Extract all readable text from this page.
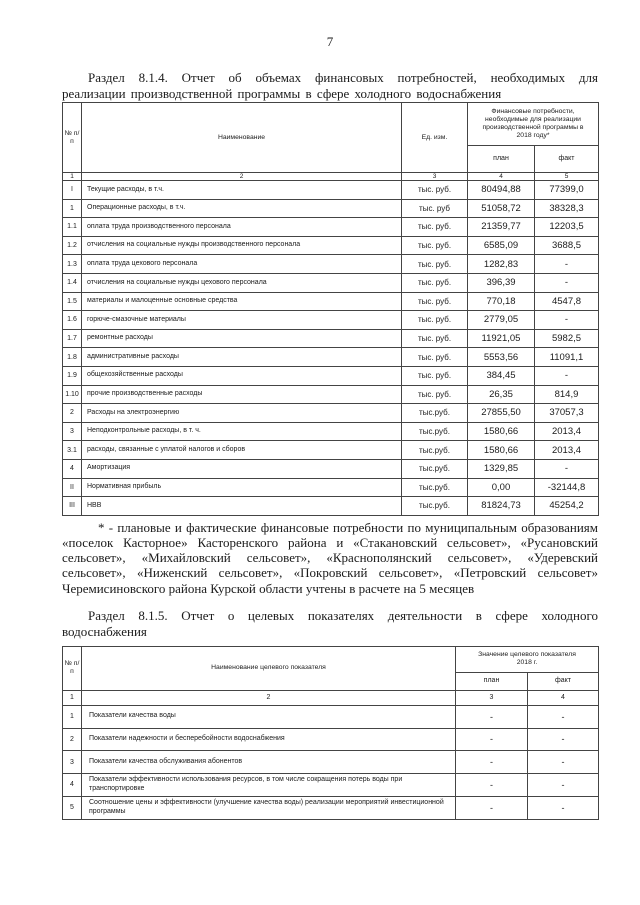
7

Раздел 8.1.4. Отчет об объемах финансовых потребностей, необходимых для реализации производственной программы в сфере холодного водоснабжения

№ п/п	Наименование	Ед. изм.	Финансовые потребности, необходимые для реализации производственной программы в 2018 году*	
			план	факт
1	2	3	4	5
I	Текущие расходы, в т.ч.	тыс. руб.	80494,88	77399,0
1	Операционные расходы, в т.ч.	тыс. руб	51058,72	38328,3
1.1	оплата труда производственного персонала	тыс. руб.	21359,77	12203,5
1.2	отчисления на социальные нужды производственного персонала	тыс. руб.	6585,09	3688,5
1.3	оплата труда цехового персонала	тыс. руб.	1282,83	-
1.4	отчисления на социальные нужды цехового персонала	тыс. руб.	396,39	-
1.5	материалы и малоценные основные средства	тыс. руб.	770,18	4547,8
1.6	горюче-смазочные материалы	тыс. руб.	2779,05	-
1.7	ремонтные расходы	тыс. руб.	11921,05	5982,5
1.8	административные расходы	тыс. руб.	5553,56	11091,1
1.9	общехозяйственные расходы	тыс. руб.	384,45	-
1.10	прочие производственные расходы	тыс. руб.	26,35	814,9
2	Расходы на электроэнергию	тыс.руб.	27855,50	37057,3
3	Неподконтрольные расходы, в т. ч.	тыс.руб.	1580,66	2013,4
3.1	расходы, связанные с уплатой налогов и сборов	тыс.руб.	1580,66	2013,4
4	Амортизация	тыс.руб.	1329,85	-
II	Нормативная прибыль	тыс.руб.	0,00	-32144,8
III	НВВ	тыс.руб.	81824,73	45254,2

* - плановые и фактические финансовые потребности по муниципальным образованиям «поселок Касторное» Касторенского района и «Стакановский сельсовет», «Русановский сельсовет», «Михайловский сельсовет», «Краснополянский сельсовет», «Удеревский сельсовет», «Ниженский сельсовет», «Покровский сельсовет», «Петровский сельсовет» Черемисиновского района Курской области учтены в расчете на 5 месяцев

Раздел 8.1.5. Отчет о целевых показателях деятельности в сфере холодного водоснабжения

№ п/п	Наименование целевого показателя	Значение целевого показателя 2018 г.	
		план	факт
1	2	3	4
1	Показатели качества воды	-	-
2	Показатели надежности и бесперебойности водоснабжения	-	-
3	Показатели качества обслуживания абонентов	-	-
4	Показатели эффективности использования ресурсов, в том числе сокращения потерь воды при транспортировке	-	-
5	Соотношение цены и эффективности (улучшение качества воды) реализации мероприятий инвестиционной программы	-	-
